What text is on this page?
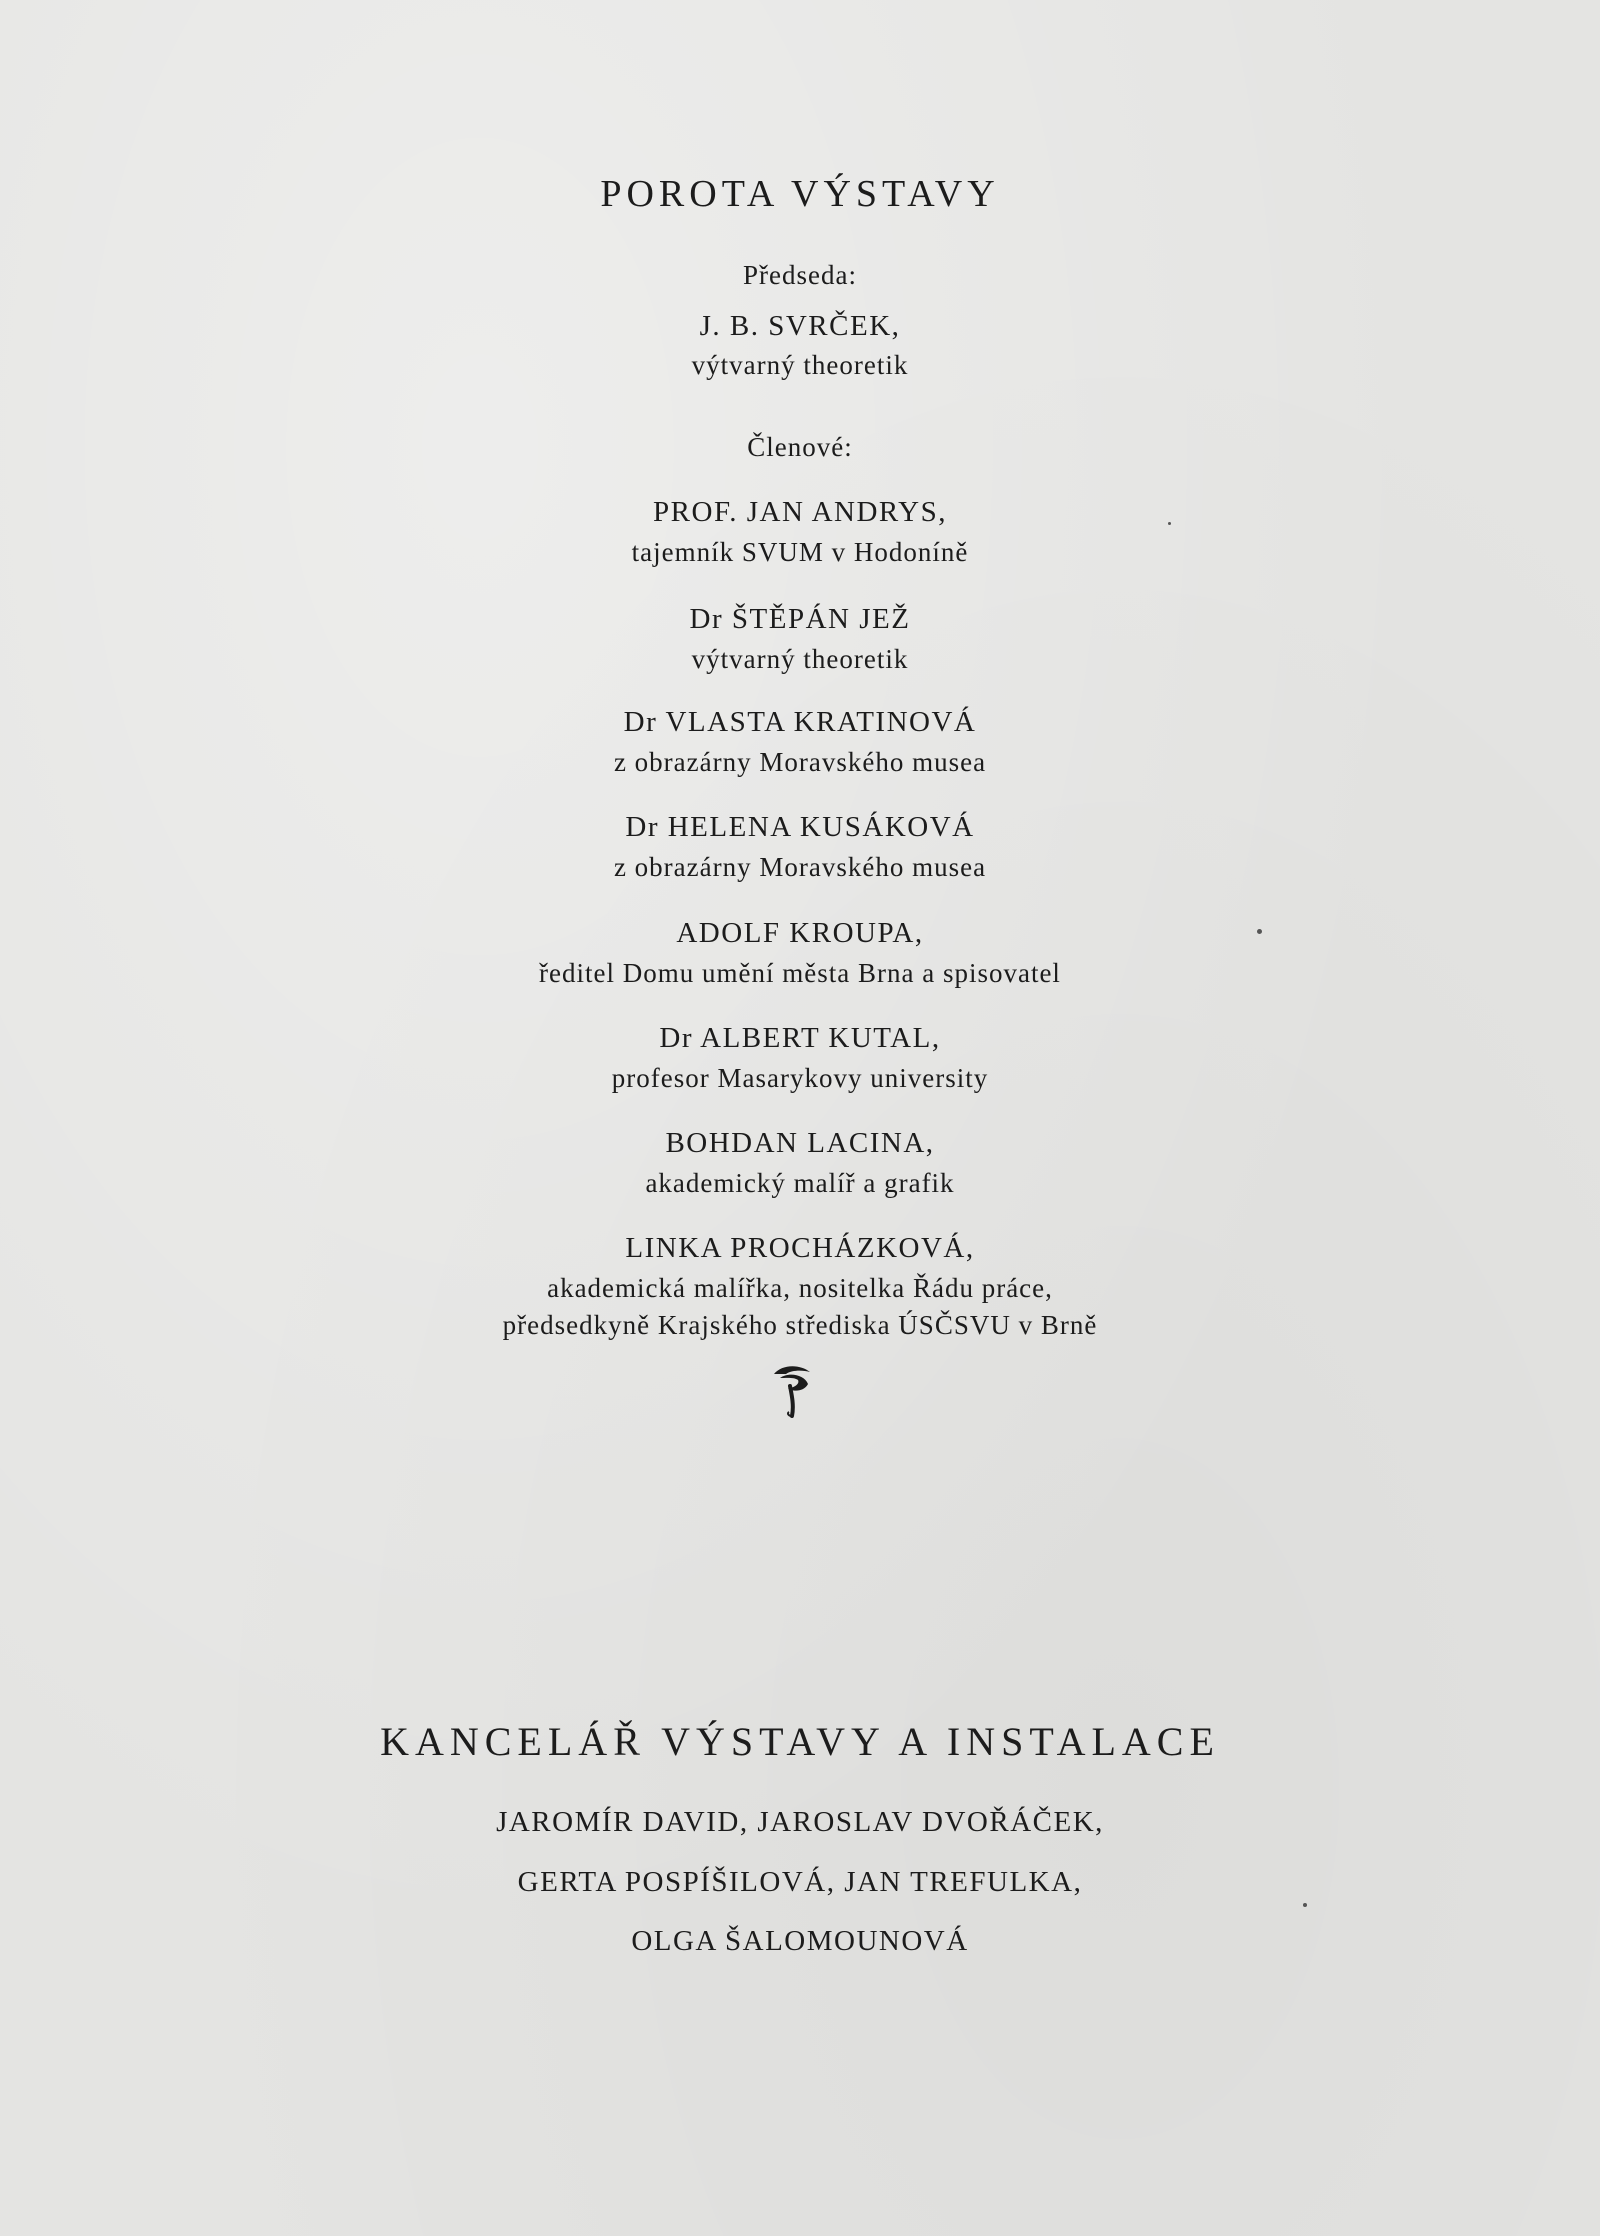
POROTA VÝSTAVY
Předseda:
J. B. SVRČEK,
výtvarný theoretik
Členové:
PROF. JAN ANDRYS,
tajemník SVUM v Hodoníně
Dr ŠTĚPÁN JEŽ
výtvarný theoretik
Dr VLASTA KRATINOVÁ
z obrazárny Moravského musea
Dr HELENA KUSÁKOVÁ
z obrazárny Moravského musea
ADOLF KROUPA,
ředitel Domu umění města Brna a spisovatel
Dr ALBERT KUTAL,
profesor Masarykovy university
BOHDAN LACINA,
akademický malíř a grafik
LINKA PROCHÁZKOVÁ,
akademická malířka, nositelka Řádu práce,
předsedkyně Krajského střediska ÚSČSVU v Brně
KANCELÁŘ VÝSTAVY A INSTALACE
JAROMÍR DAVID, JAROSLAV DVOŘÁČEK,
GERTA POSPÍŠILOVÁ, JAN TREFULKA,
OLGA ŠALOMOUNOVÁ
